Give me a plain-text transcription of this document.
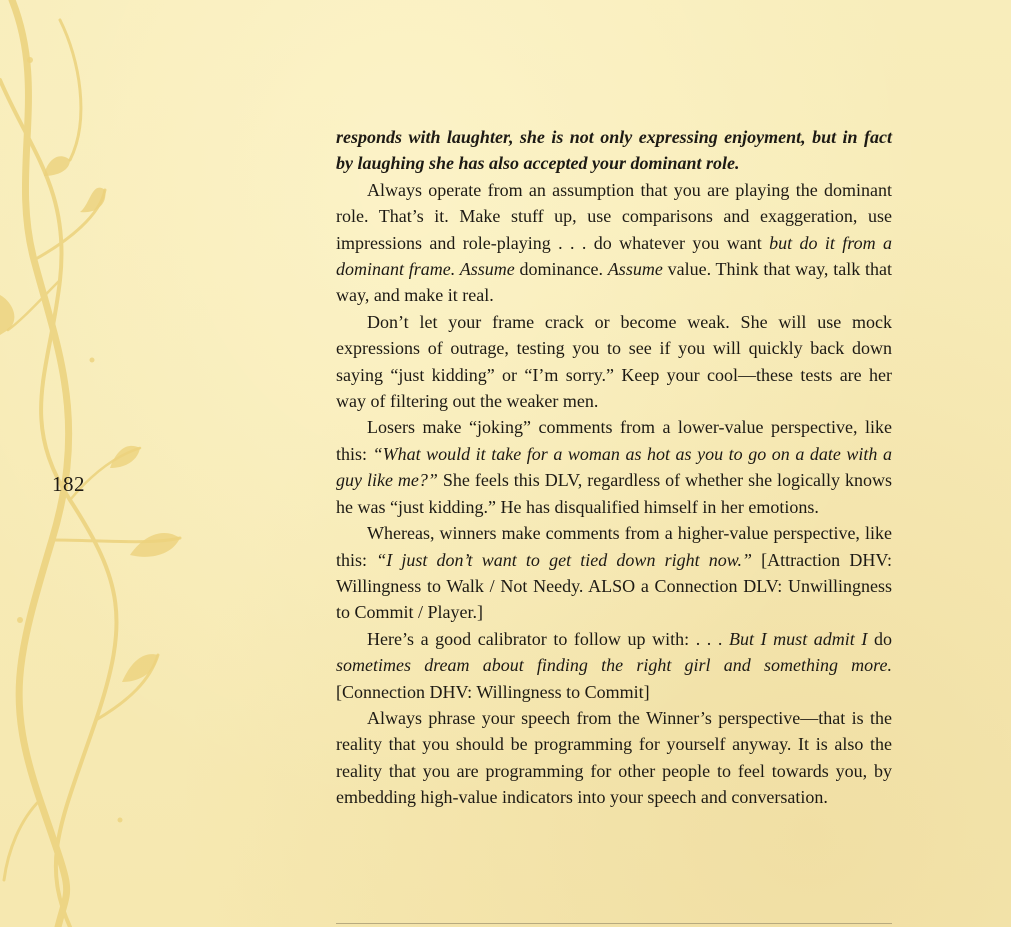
182

responds with laughter, she is not only expressing enjoyment, but in fact by laughing she has also accepted your dominant role.

Always operate from an assumption that you are playing the dominant role. That’s it. Make stuff up, use comparisons and exaggeration, use impressions and role-playing . . . do whatever you want but do it from a dominant frame. Assume dominance. Assume value. Think that way, talk that way, and make it real.

Don’t let your frame crack or become weak. She will use mock expressions of outrage, testing you to see if you will quickly back down saying “just kidding” or “I’m sorry.” Keep your cool—these tests are her way of filtering out the weaker men.

Losers make “joking” comments from a lower-value perspective, like this: “What would it take for a woman as hot as you to go on a date with a guy like me?” She feels this DLV, regardless of whether she logically knows he was “just kidding.” He has disqualified himself in her emotions.

Whereas, winners make comments from a higher-value perspective, like this: “I just don’t want to get tied down right now.” [Attraction DHV: Willingness to Walk / Not Needy. ALSO a Connection DLV: Unwillingness to Commit / Player.]

Here’s a good calibrator to follow up with: . . . But I must admit I do sometimes dream about finding the right girl and something more. [Connection DHV: Willingness to Commit]

Always phrase your speech from the Winner’s perspective—that is the reality that you should be programming for yourself anyway. It is also the reality that you are programming for other people to feel towards you, by embedding high-value indicators into your speech and conversation.
